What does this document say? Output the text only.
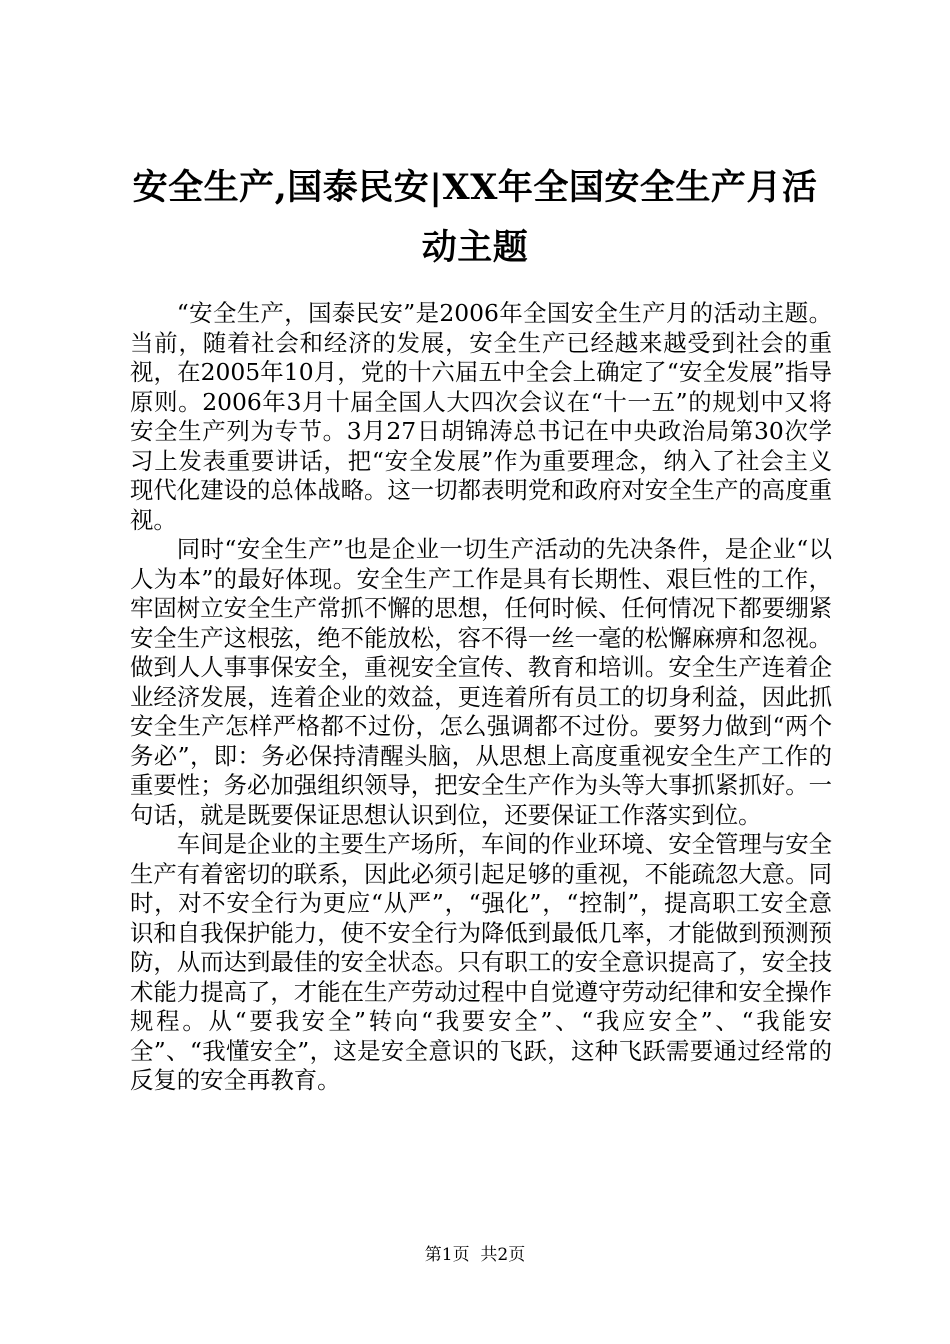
安全生产,国泰民安|XX年全国安全生产月活动主题

“安全生产，国泰民安”是2006年全国安全生产月的活动主题。当前，随着社会和经济的发展，安全生产已经越来越受到社会的重视，在2005年10月，党的十六届五中全会上确定了“安全发展”指导原则。2006年3月十届全国人大四次会议在“十一五”的规划中又将安全生产列为专节。3月27日胡锦涛总书记在中央政治局第30次学习上发表重要讲话，把“安全发展”作为重要理念，纳入了社会主义现代化建设的总体战略。这一切都表明党和政府对安全生产的高度重视。

同时“安全生产”也是企业一切生产活动的先决条件，是企业“以人为本”的最好体现。安全生产工作是具有长期性、艰巨性的工作，牢固树立安全生产常抓不懈的思想，任何时候、任何情况下都要绷紧安全生产这根弦，绝不能放松，容不得一丝一毫的松懈麻痹和忽视。做到人人事事保安全，重视安全宣传、教育和培训。安全生产连着企业经济发展，连着企业的效益，更连着所有员工的切身利益，因此抓安全生产怎样严格都不过份，怎么强调都不过份。要努力做到“两个务必”，即：务必保持清醒头脑，从思想上高度重视安全生产工作的重要性；务必加强组织领导，把安全生产作为头等大事抓紧抓好。一句话，就是既要保证思想认识到位，还要保证工作落实到位。

车间是企业的主要生产场所，车间的作业环境、安全管理与安全生产有着密切的联系，因此必须引起足够的重视，不能疏忽大意。同时，对不安全行为更应“从严”，“强化”，“控制”，提高职工安全意识和自我保护能力，使不安全行为降低到最低几率，才能做到预测预防，从而达到最佳的安全状态。只有职工的安全意识提高了，安全技术能力提高了，才能在生产劳动过程中自觉遵守劳动纪律和安全操作规程。从“要我安全”转向“我要安全”、“我应安全”、“我能安全”、“我懂安全”，这是安全意识的飞跃，这种飞跃需要通过经常的反复的安全再教育。

第1页 共2页
